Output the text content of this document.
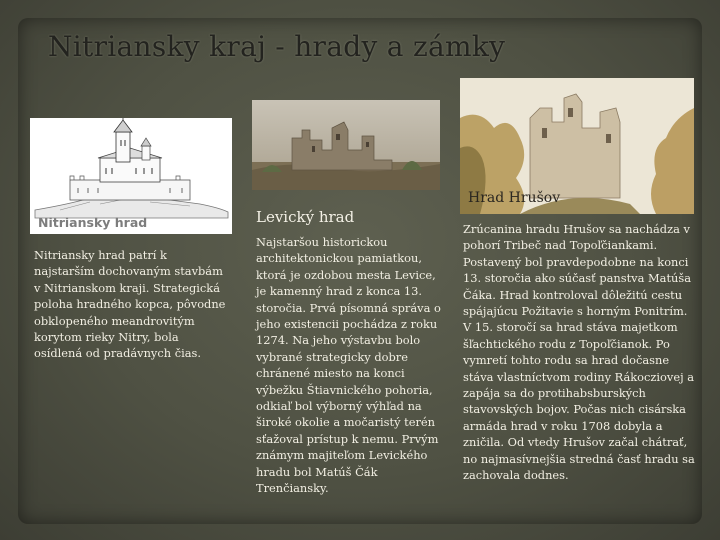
Nitriansky kraj - hrady a zámky
Nitriansky hrad
Nitriansky hrad patrí k najstarším dochovaným stavbám v Nitrianskom kraji. Strategická poloha hradného kopca, pôvodne obklopeného meandrovitým korytom rieky Nitry, bola osídlená od pradávnych čias.
Levický hrad
Najstaršou historickou architektonickou pamiatkou, ktorá je ozdobou mesta Levice, je kamenný hrad z konca 13. storočia. Prvá písomná správa o jeho existencii pochádza z roku 1274. Na jeho výstavbu bolo vybrané strategicky dobre chránené miesto na konci výbežku Štiavnického pohoria, odkiaľ bol výborný výhľad na široké okolie a močaristý terén sťažoval prístup k nemu. Prvým známym majiteľom Levického hradu bol Matúš Čák Trenčiansky.
Hrad Hrušov
Zrúcanina hradu Hrušov sa nachádza v pohorí Tribeč nad Topoľčiankami. Postavený bol pravdepodobne na konci 13. storočia ako súčasť panstva Matúša Čáka. Hrad kontroloval dôležitú cestu spájajúcu Požitavie s horným Ponitrím. V 15. storočí sa hrad stáva majetkom šľachtického rodu z Topoľčianok. Po vymretí tohto rodu sa hrad dočasne stáva vlastníctvom rodiny Rákocziovej a zapája sa do protihabsburských stavovských bojov. Počas nich cisárska armáda hrad v roku 1708 dobyla a zničila. Od vtedy Hrušov začal chátrať, no najmasívnejšia stredná časť hradu sa zachovala dodnes.
